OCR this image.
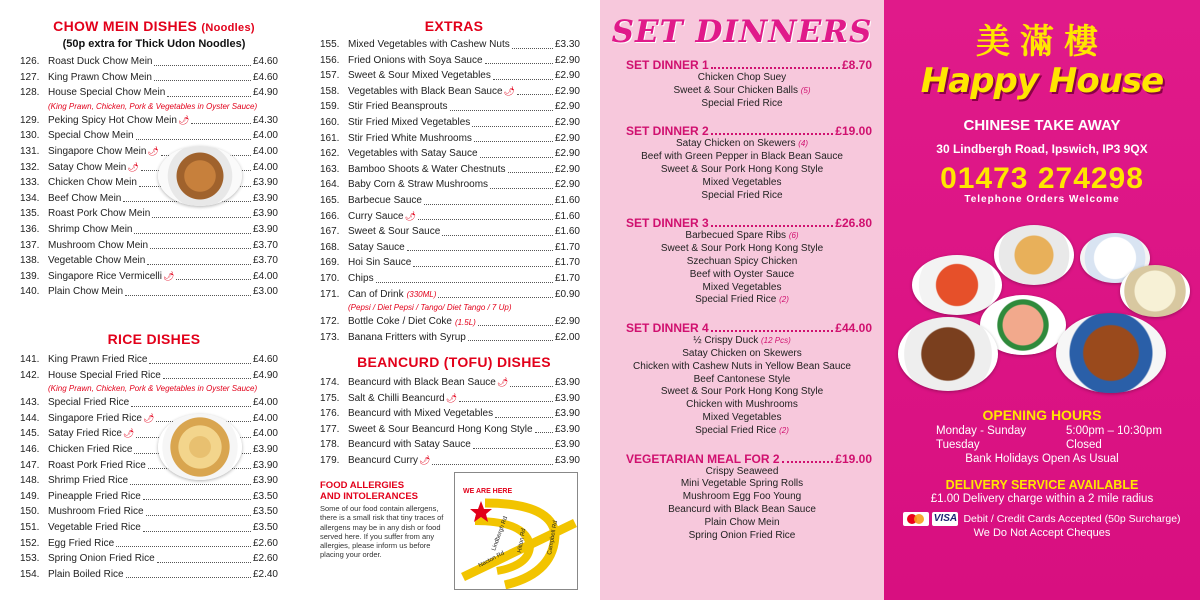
CHOW MEIN DISHES (Noodles)
(50p extra for Thick Udon Noodles)
126. Roast Duck Chow Mein	£4.60
127. King Prawn Chow Mein	£4.60
128. House Special Chow Mein	£4.90
(King Prawn, Chicken, Pork & Vegetables in Oyster Sauce)
129. Peking Spicy Hot Chow Mein 🌶	£4.30
130. Special Chow Mein	£4.00
131. Singapore Chow Mein 🌶	£4.00
132. Satay Chow Mein 🌶	£4.00
133. Chicken Chow Mein	£3.90
134. Beef Chow Mein	£3.90
135. Roast Pork Chow Mein	£3.90
136. Shrimp Chow Mein	£3.90
137. Mushroom Chow Mein	£3.70
138. Vegetable Chow Mein	£3.70
139. Singapore Rice Vermicelli 🌶	£4.00
140. Plain Chow Mein	£3.00
RICE DISHES
141. King Prawn Fried Rice	£4.60
142. House Special Fried Rice	£4.90
(King Prawn, Chicken, Pork & Vegetables in Oyster Sauce)
143. Special Fried Rice	£4.00
144. Singapore Fried Rice 🌶	£4.00
145. Satay Fried Rice 🌶	£4.00
146. Chicken Fried Rice	£3.90
147. Roast Pork Fried Rice	£3.90
148. Shrimp Fried Rice	£3.90
149. Pineapple Fried Rice	£3.50
150. Mushroom Fried Rice	£3.50
151. Vegetable Fried Rice	£3.50
152. Egg Fried Rice	£2.60
153. Spring Onion Fried Rice	£2.60
154. Plain Boiled Rice	£2.40
EXTRAS
155. Mixed Vegetables with Cashew Nuts	£3.30
156. Fried Onions with Soya Sauce	£2.90
157. Sweet & Sour Mixed Vegetables	£2.90
158. Vegetables with Black Bean Sauce 🌶	£2.90
159. Stir Fried Beansprouts	£2.90
160. Stir Fried Mixed Vegetables	£2.90
161. Stir Fried White Mushrooms	£2.90
162. Vegetables with Satay Sauce	£2.90
163. Bamboo Shoots & Water Chestnuts	£2.90
164. Baby Corn & Straw Mushrooms	£2.90
165. Barbecue Sauce	£1.60
166. Curry Sauce 🌶	£1.60
167. Sweet & Sour Sauce	£1.60
168. Satay Sauce	£1.70
169. Hoi Sin Sauce	£1.70
170. Chips	£1.70
171. Can of Drink (330ML)	£0.90
(Pepsi / Diet Pepsi / Tango/ Diet Tango / 7 Up)
172. Bottle Coke / Diet Coke (1.5L)	£2.90
173. Banana Fritters with Syrup	£2.00
BEANCURD (TOFU) DISHES
174. Beancurd with Black Bean Sauce 🌶	£3.90
175. Salt & Chilli Beancurd 🌶	£3.90
176. Beancurd with Mixed Vegetables	£3.90
177. Sweet & Sour Beancurd Hong Kong Style £3.90
178. Beancurd with Satay Sauce	£3.90
179. Beancurd Curry 🌶	£3.90
FOOD ALLERGIES
AND INTOLERANCES
Some of our food contain allergens, there is a small risk that tiny traces of allergens may be in any dish or food served here. If you suffer from any allergies, please inform us before placing your order.
WE ARE HERE
Lindbergh Rd Hilton Rd	Campbell Rd
Nacton Rd
SET DINNERS
SET DINNER 1	£8.70
Chicken Chop Suey
Sweet & Sour Chicken Balls (5)
Special Fried Rice
SET DINNER 2	£19.00
Satay Chicken on Skewers (4)
Beef with Green Pepper in Black Bean Sauce
Sweet & Sour Pork Hong Kong Style
Mixed Vegetables
Special Fried Rice
SET DINNER 3	£26.80
Barbecued Spare Ribs (6)
Sweet & Sour Pork Hong Kong Style
Szechuan Spicy Chicken
Beef with Oyster Sauce
Mixed Vegetables
Special Fried Rice (2)
SET DINNER 4	£44.00
½ Crispy Duck (12 Pcs)
Satay Chicken on Skewers
Chicken with Cashew Nuts in Yellow Bean Sauce
Beef Cantonese Style
Sweet & Sour Pork Hong Kong Style
Chicken with Mushrooms
Mixed Vegetables
Special Fried Rice (2)
VEGETARIAN MEAL FOR 2	£19.00
Crispy Seaweed
Mini Vegetable Spring Rolls
Mushroom Egg Foo Young
Beancurd with Black Bean Sauce
Plain Chow Mein
Spring Onion Fried Rice
美滿樓
Happy House
CHINESE TAKE AWAY
30 Lindbergh Road, Ipswich, IP3 9QX
01473 274298
Telephone Orders Welcome
OPENING HOURS
Monday - Sunday	5:00pm – 10:30pm
Tuesday	Closed
Bank Holidays Open As Usual
DELIVERY SERVICE AVAILABLE
£1.00 Delivery charge within a 2 mile radius
VISA Debit / Credit Cards Accepted (50p Surcharge)
We Do Not Accept Cheques
